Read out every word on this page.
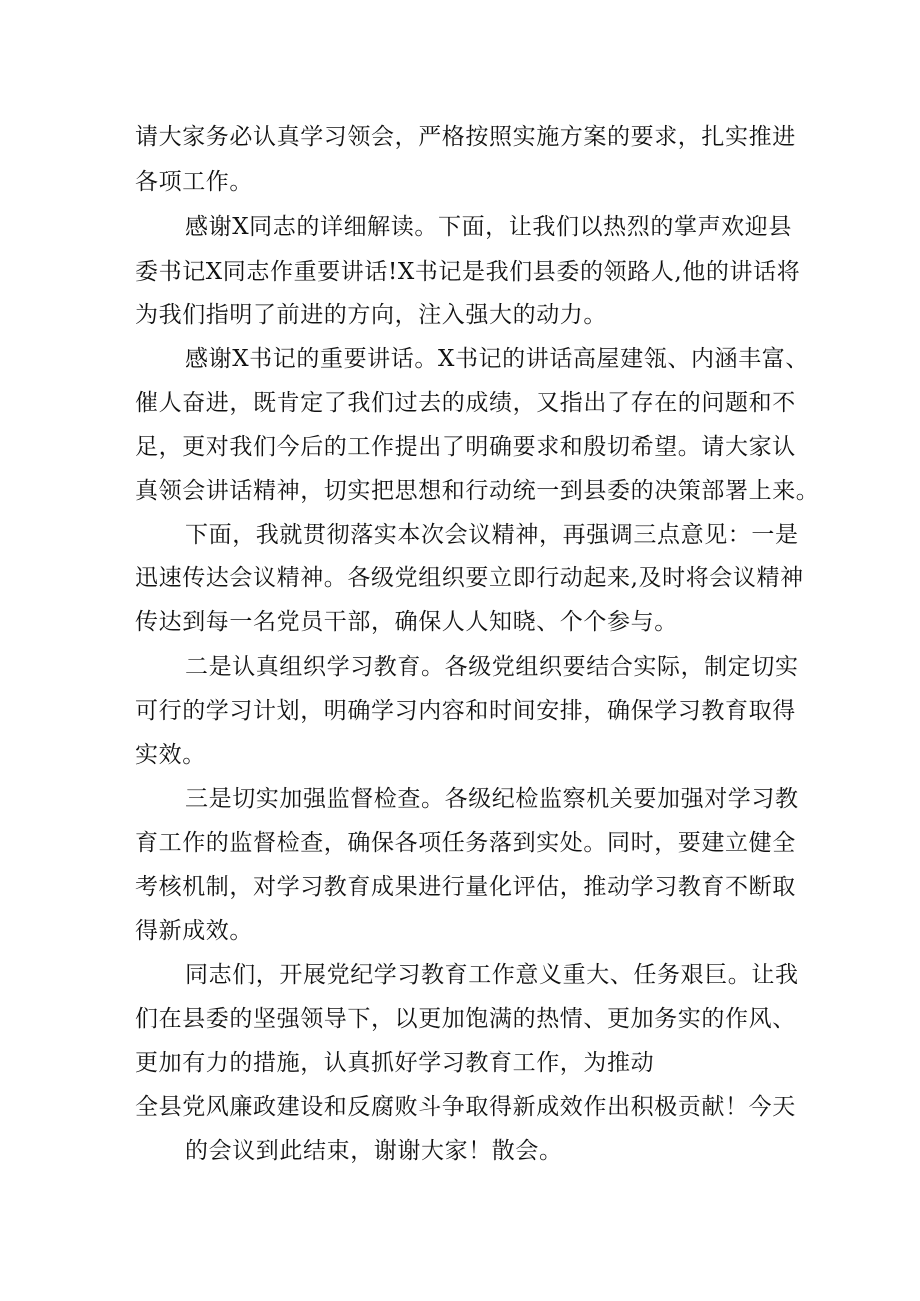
请大家务必认真学习领会，严格按照实施方案的要求，扎实推进
各项工作。
感谢X同志的详细解读。下面，让我们以热烈的掌声欢迎县
委书记X同志作重要讲话!X书记是我们县委的领路人,他的讲话将
为我们指明了前进的方向，注入强大的动力。
感谢X书记的重要讲话。X书记的讲话高屋建瓴、内涵丰富、
催人奋进，既肯定了我们过去的成绩，又指出了存在的问题和不
足，更对我们今后的工作提出了明确要求和殷切希望。请大家认
真领会讲话精神，切实把思想和行动统一到县委的决策部署上来。
下面，我就贯彻落实本次会议精神，再强调三点意见：一是
迅速传达会议精神。各级党组织要立即行动起来,及时将会议精神
传达到每一名党员干部，确保人人知晓、个个参与。
二是认真组织学习教育。各级党组织要结合实际，制定切实
可行的学习计划，明确学习内容和时间安排，确保学习教育取得
实效。
三是切实加强监督检查。各级纪检监察机关要加强对学习教
育工作的监督检查，确保各项任务落到实处。同时，要建立健全
考核机制，对学习教育成果进行量化评估，推动学习教育不断取
得新成效。
同志们，开展党纪学习教育工作意义重大、任务艰巨。让我
们在县委的坚强领导下，以更加饱满的热情、更加务实的作风、
更加有力的措施，认真抓好学习教育工作，为推动
全县党风廉政建设和反腐败斗争取得新成效作出积极贡献！今天
的会议到此结束，谢谢大家！散会。
